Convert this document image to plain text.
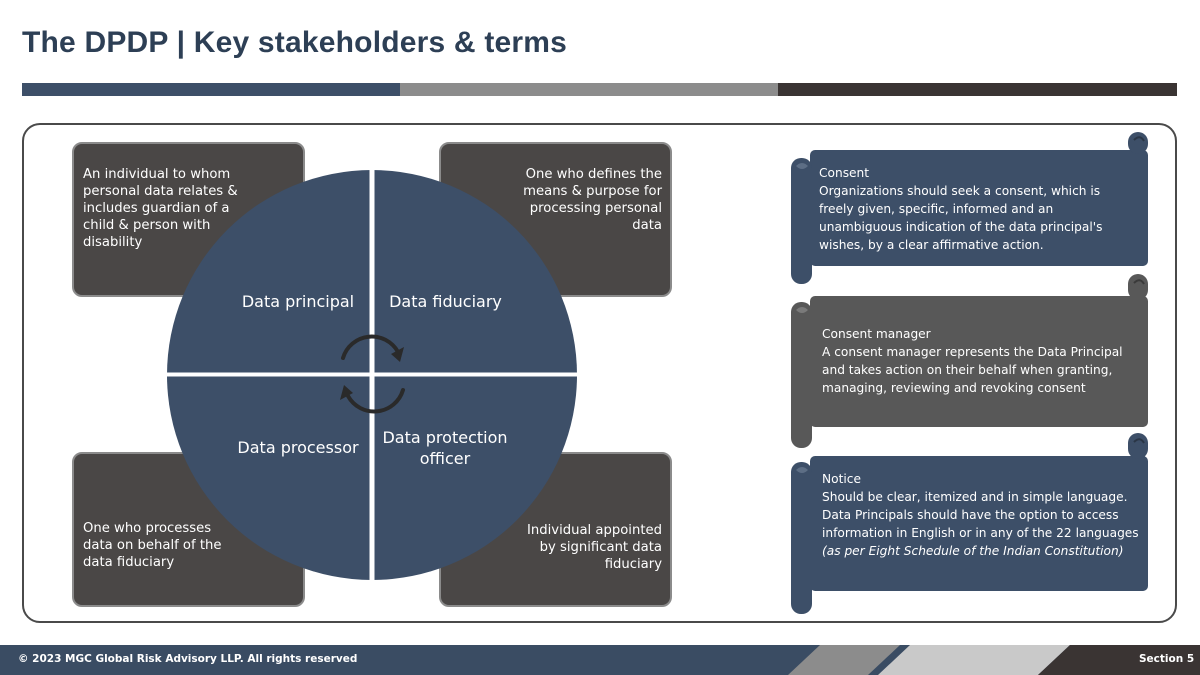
The DPDP | Key stakeholders & terms
An individual to whom personal data relates & includes guardian of a child & person with disability
One who defines the means & purpose for processing personal data
One who processes data on behalf of the data fiduciary
Individual appointed by significant data fiduciary
Data principal	Data fiduciary
Data processor
Data protection officer
Consent
Organizations should seek a consent, which is freely given, specific, informed and an unambiguous indication of the data principal's wishes, by a clear affirmative action.
Consent manager
A consent manager represents the Data Principal and takes action on their behalf when granting, managing, reviewing and revoking consent
Notice
Should be clear, itemized and in simple language. Data Principals should have the option to access information in English or in any of the 22 languages (as per Eight Schedule of the Indian Constitution)
© 2023 MGC Global Risk Advisory LLP. All rights reserved	Section 5
